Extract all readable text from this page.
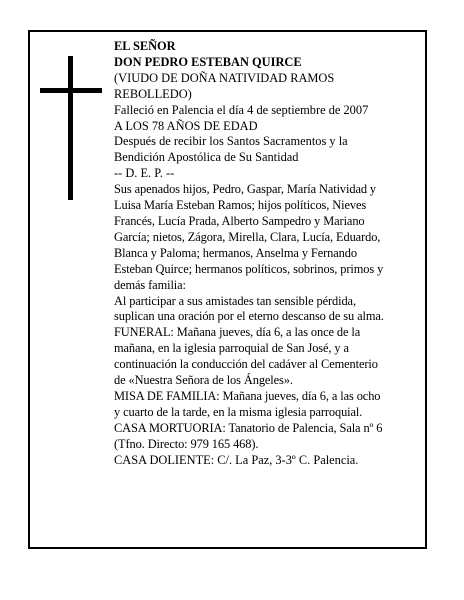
EL SEÑOR

DON PEDRO ESTEBAN QUIRCE

(VIUDO DE DOÑA NATIVIDAD RAMOS

REBOLLEDO)

Falleció en Palencia el día 4 de septiembre de 2007

A LOS 78 AÑOS DE EDAD

Después de recibir los Santos Sacramentos y la

Bendición Apostólica de Su Santidad

-- D. E. P. --

Sus apenados hijos, Pedro, Gaspar, María Natividad y

Luisa María Esteban Ramos; hijos políticos, Nieves

Francés, Lucía Prada, Alberto Sampedro y Mariano

García; nietos, Zágora, Mirella, Clara, Lucía, Eduardo,

Blanca y Paloma; hermanos, Anselma y Fernando

Esteban Quirce; hermanos políticos, sobrinos, primos y

demás familia:

Al participar a sus amistades tan sensible pérdida,

suplican una oración por el eterno descanso de su alma.

FUNERAL: Mañana jueves, día 6, a las once de la

mañana, en la iglesia parroquial de San José, y a

continuación la conducción del cadáver al Cementerio

de «Nuestra Señora de los Ángeles».

MISA DE FAMILIA: Mañana jueves, día 6, a las ocho

y cuarto de la tarde, en la misma iglesia parroquial.

CASA MORTUORIA: Tanatorio de Palencia, Sala nº 6

(Tfno. Directo: 979 165 468).

CASA DOLIENTE: C/. La Paz, 3-3º C. Palencia.
